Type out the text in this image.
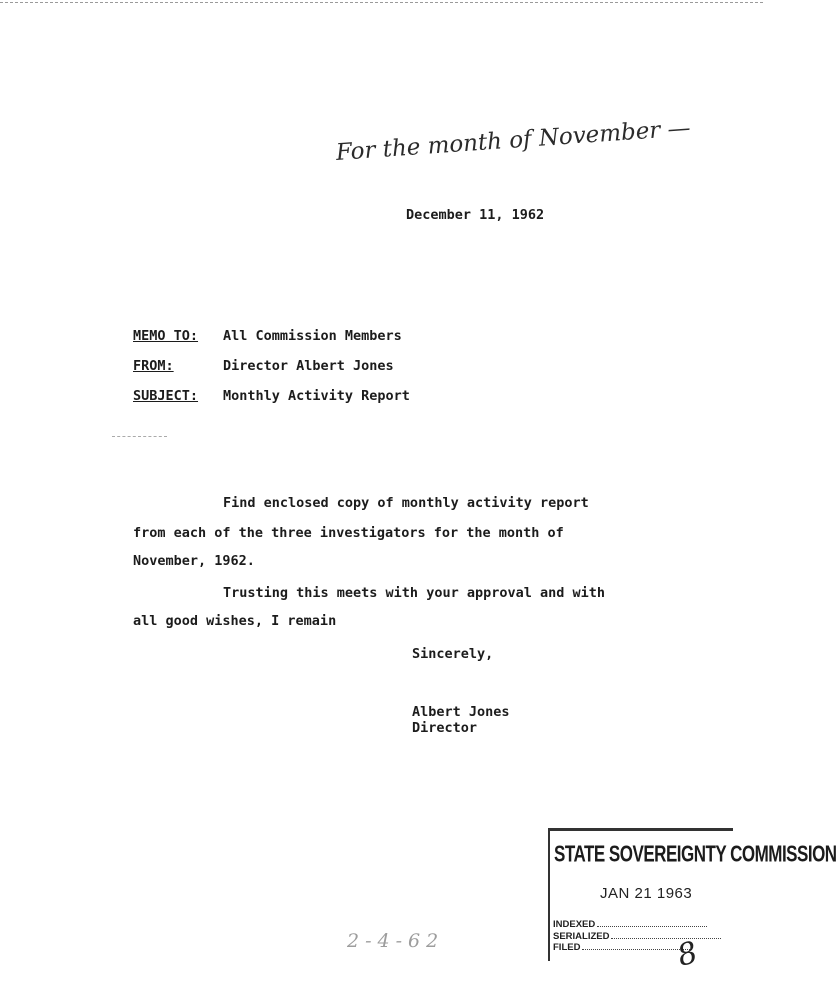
For the month of November —
December 11, 1962
MEMO TO: All Commission Members
FROM:	Director Albert Jones
SUBJECT: Monthly Activity Report
Find enclosed copy of monthly activity report
from each of the three investigators for the month of
November, 1962.
Trusting this meets with your approval and with
all good wishes, I remain
Sincerely,
Albert Jones
Director
STATE SOVEREIGNTY COMMISSION
JAN 21 1963
INDEXED
SERIALIZED
FILED	8
2-4-62
